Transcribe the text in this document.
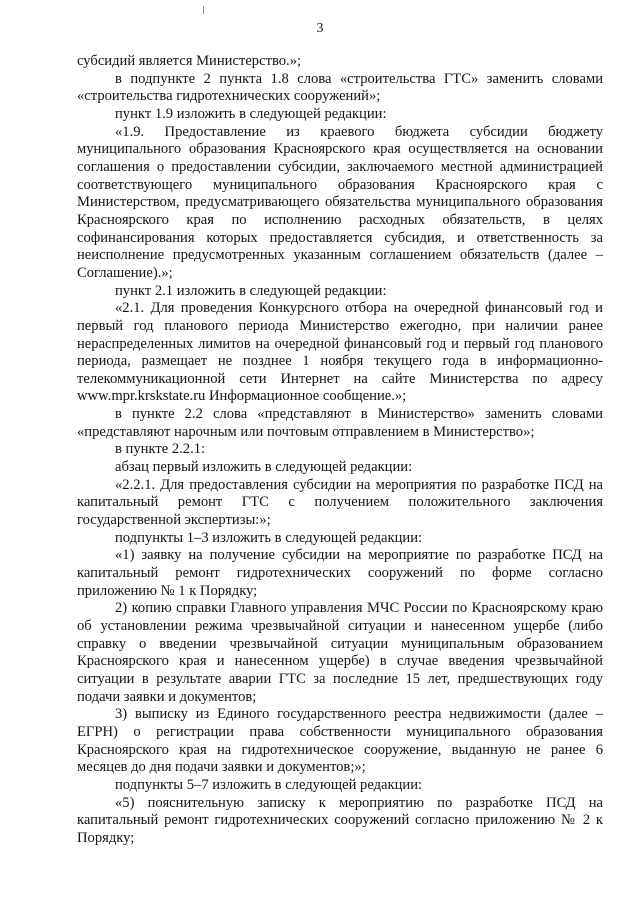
3

субсидий является Министерство.»;

в подпункте 2 пункта 1.8 слова «строительства ГТС» заменить словами «строительства гидротехнических сооружений»;

пункт 1.9 изложить в следующей редакции:

«1.9. Предоставление из краевого бюджета субсидии бюджету муниципального образования Красноярского края осуществляется на основании соглашения о предоставлении субсидии, заключаемого местной администрацией соответствующего муниципального образования Красноярского края с Министерством, предусматривающего обязательства муниципального образования Красноярского края по исполнению расходных обязательств, в целях софинансирования которых предоставляется субсидия, и ответственность за неисполнение предусмотренных указанным соглашением обязательств (далее – Соглашение).»;

пункт 2.1 изложить в следующей редакции:

«2.1. Для проведения Конкурсного отбора на очередной финансовый год и первый год планового периода Министерство ежегодно, при наличии ранее нераспределенных лимитов на очередной финансовый год и первый год планового периода, размещает не позднее 1 ноября текущего года в информационно-телекоммуникационной сети Интернет на сайте Министерства по адресу www.mpr.krskstate.ru Информационное сообщение.»;

в пункте 2.2 слова «представляют в Министерство» заменить словами «представляют нарочным или почтовым отправлением в Министерство»;

в пункте 2.2.1:

абзац первый изложить в следующей редакции:

«2.2.1. Для предоставления субсидии на мероприятия по разработке ПСД на капитальный ремонт ГТС с получением положительного заключения государственной экспертизы:»;

подпункты 1–3 изложить в следующей редакции:

«1) заявку на получение субсидии на мероприятие по разработке ПСД на капитальный ремонт гидротехнических сооружений по форме согласно приложению № 1 к Порядку;

2) копию справки Главного управления МЧС России по Красноярскому краю об установлении режима чрезвычайной ситуации и нанесенном ущербе (либо справку о введении чрезвычайной ситуации муниципальным образованием Красноярского края и нанесенном ущербе) в случае введения чрезвычайной ситуации в результате аварии ГТС за последние 15 лет, предшествующих году подачи заявки и документов;

3) выписку из Единого государственного реестра недвижимости (далее – ЕГРН) о регистрации права собственности муниципального образования Красноярского края на гидротехническое сооружение, выданную не ранее 6 месяцев до дня подачи заявки и документов;»;

подпункты 5–7 изложить в следующей редакции:

«5) пояснительную записку к мероприятию по разработке ПСД на капитальный ремонт гидротехнических сооружений согласно приложению № 2 к Порядку;
